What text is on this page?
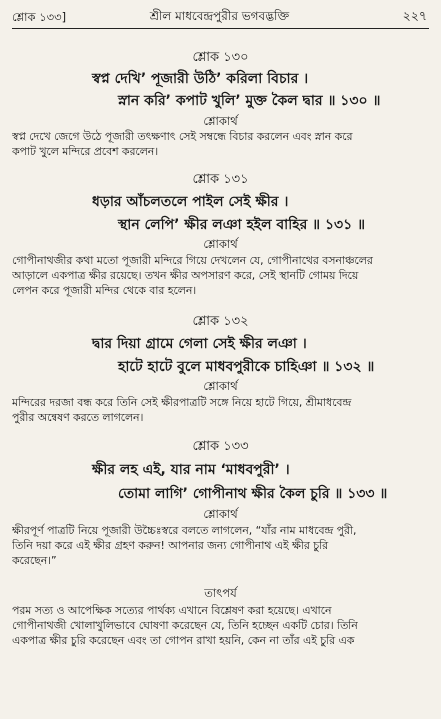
শ্লোক ১৩৩]	শ্রীল মাধবেন্দ্রপুরীর ভগবদ্ভক্তি	২২৭
শ্লোক ১৩০
স্বপ্ন দেখি’ পূজারী উঠি’ করিলা বিচার ।
স্নান করি’ কপাট খুলি’ মুক্ত কৈল দ্বার ॥ ১৩০ ॥
শ্লোকার্থ
স্বপ্ন দেখে জেগে উঠে পূজারী তৎক্ষণাৎ সেই সম্বন্ধে বিচার করলেন এবং স্নান করে
কপাট খুলে মন্দিরে প্রবেশ করলেন।
শ্লোক ১৩১
ধড়ার আঁচলতলে পাইল সেই ক্ষীর ।
স্থান লেপি’ ক্ষীর লঞা হইল বাহির ॥ ১৩১ ॥
শ্লোকার্থ
গোপীনাথজীর কথা মতো পূজারী মন্দিরে গিয়ে দেখলেন যে, গোপীনাথের বসনাঞ্চলের
আড়ালে একপাত্র ক্ষীর রয়েছে। তখন ক্ষীর অপসারণ করে, সেই স্থানটি গোময় দিয়ে
লেপন করে পূজারী মন্দির থেকে বার হলেন।
শ্লোক ১৩২
দ্বার দিয়া গ্রামে গেলা সেই ক্ষীর লঞা ।
হাটে হাটে বুলে মাধবপুরীকে চাহিঞা ॥ ১৩২ ॥
শ্লোকার্থ
মন্দিরের দরজা বন্ধ করে তিনি সেই ক্ষীরপাত্রটি সঙ্গে নিয়ে হাটে গিয়ে, শ্রীমাধবেন্দ্র
পুরীর অন্বেষণ করতে লাগলেন।
শ্লোক ১৩৩
ক্ষীর লহ এই, যার নাম ‘মাধবপুরী’ ।
তোমা লাগি’ গোপীনাথ ক্ষীর কৈল চুরি ॥ ১৩৩ ॥
শ্লোকার্থ
ক্ষীরপূর্ণ পাত্রটি নিয়ে পূজারী উচ্চৈঃস্বরে বলতে লাগলেন, “যাঁর নাম মাধবেন্দ্র পুরী,
তিনি দয়া করে এই ক্ষীর গ্রহণ করুন! আপনার জন্য গোপীনাথ এই ক্ষীর চুরি
করেছেন।”
তাৎপর্য
পরম সত্য ও আপেক্ষিক সত্যের পার্থক্য এখানে বিশ্লেষণ করা হয়েছে। এখানে
গোপীনাথজী খোলাখুলিভাবে ঘোষণা করেছেন যে, তিনি হচ্ছেন একটি চোর। তিনি
একপাত্র ক্ষীর চুরি করেছেন এবং তা গোপন রাখা হয়নি, কেন না তাঁর এই চুরি এক
